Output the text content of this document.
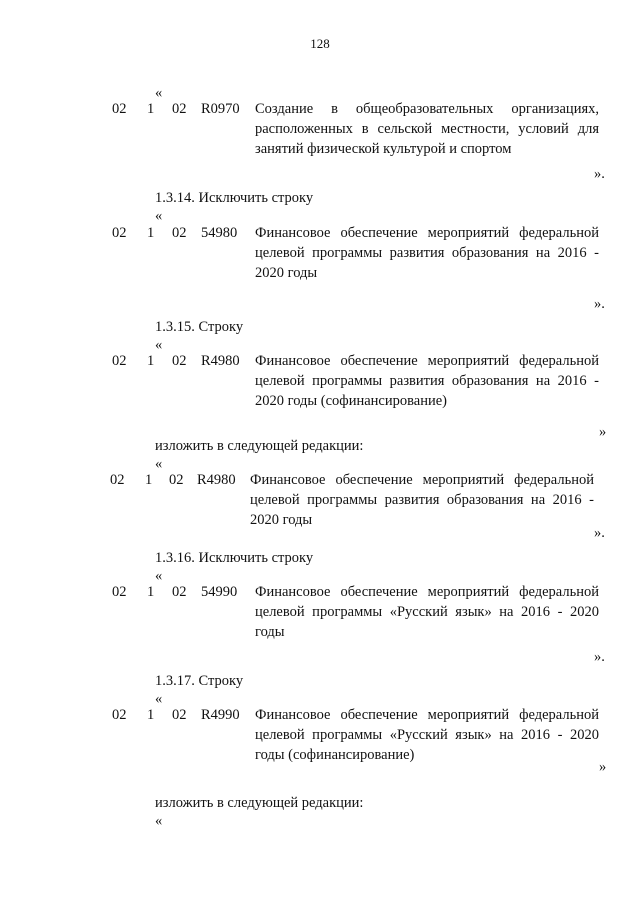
128
«
02 1 02 R0970 Создание в общеобразовательных организациях, расположенных в сельской местности, условий для занятий физической культурой и спортом
».
1.3.14. Исключить строку
«
02 1 02 54980 Финансовое обеспечение мероприятий федеральной целевой программы развития образования на 2016 - 2020 годы
».
1.3.15. Строку
«
02 1 02 R4980 Финансовое обеспечение мероприятий федеральной целевой программы развития образования на 2016 - 2020 годы (софинансирование)
»
изложить в следующей редакции:
«
02 1 02 R4980 Финансовое обеспечение мероприятий федеральной целевой программы развития образования на 2016 - 2020 годы
».
1.3.16. Исключить строку
«
02 1 02 54990 Финансовое обеспечение мероприятий федеральной целевой программы «Русский язык» на 2016 - 2020 годы
».
1.3.17. Строку
«
02 1 02 R4990 Финансовое обеспечение мероприятий федеральной целевой программы «Русский язык» на 2016 - 2020 годы (софинансирование)
»
изложить в следующей редакции:
«
